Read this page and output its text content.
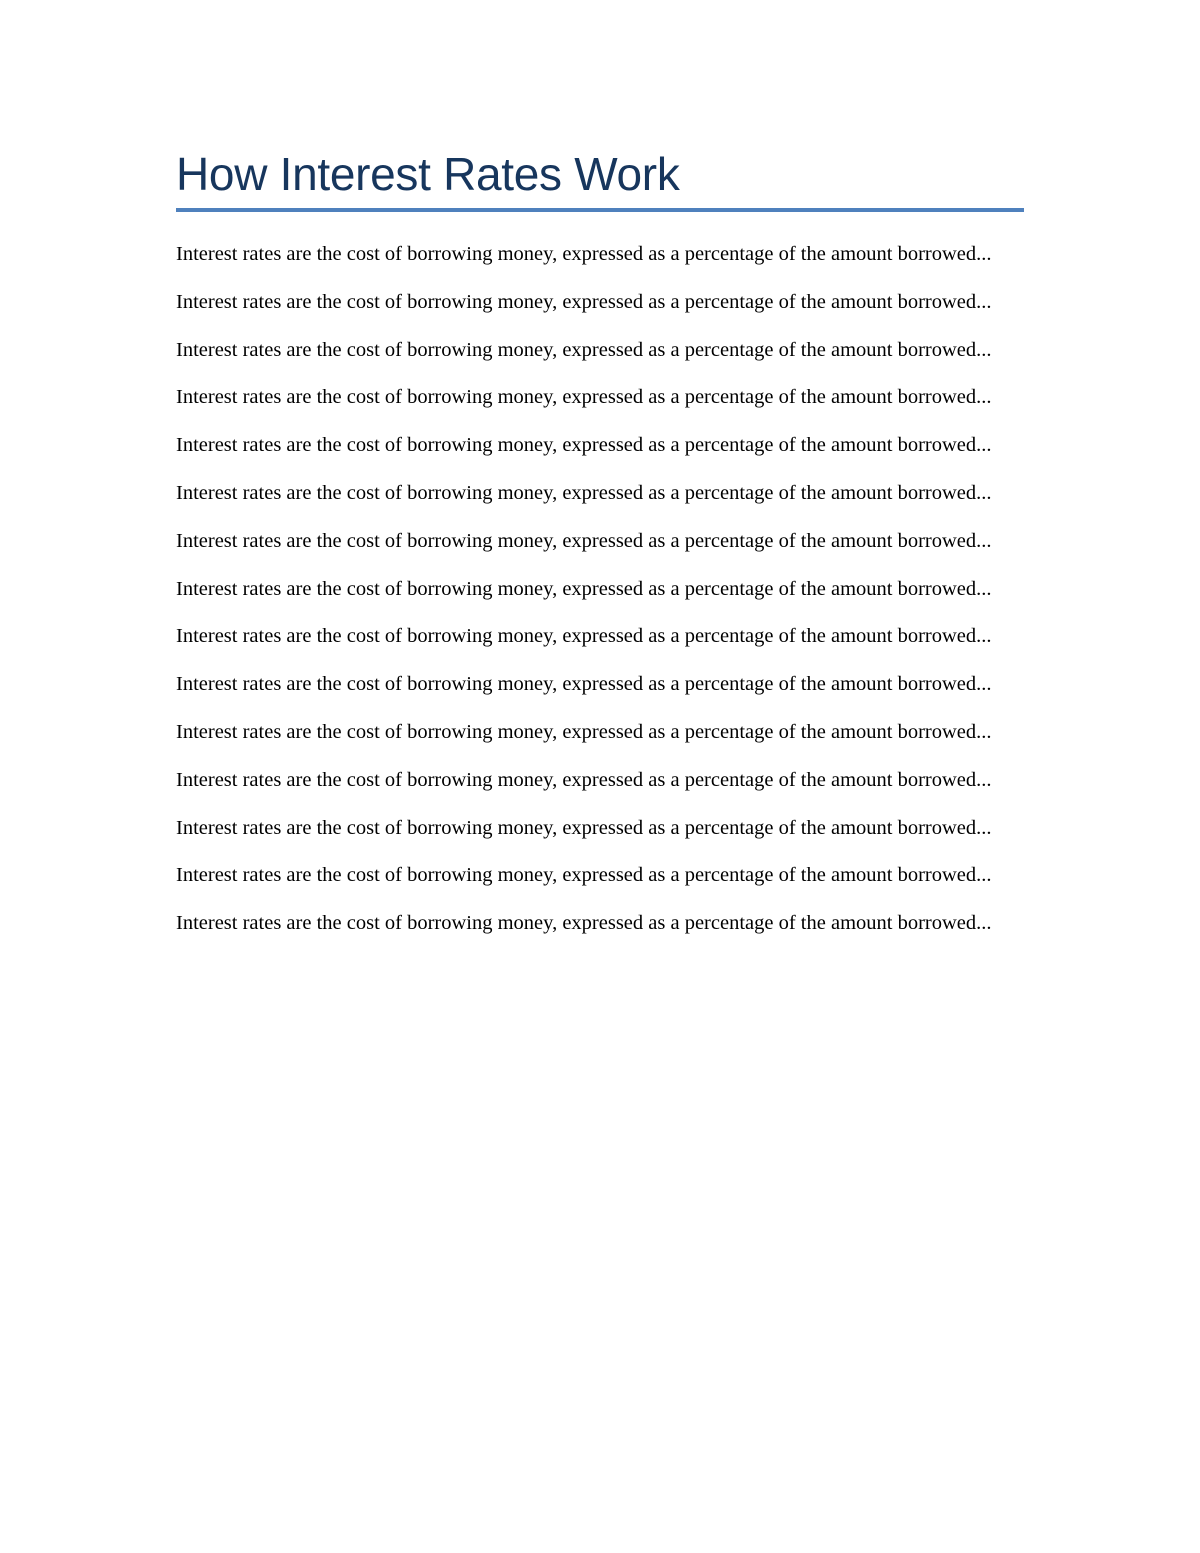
How Interest Rates Work

Interest rates are the cost of borrowing money, expressed as a percentage of the amount borrowed...

Interest rates are the cost of borrowing money, expressed as a percentage of the amount borrowed...

Interest rates are the cost of borrowing money, expressed as a percentage of the amount borrowed...

Interest rates are the cost of borrowing money, expressed as a percentage of the amount borrowed...

Interest rates are the cost of borrowing money, expressed as a percentage of the amount borrowed...

Interest rates are the cost of borrowing money, expressed as a percentage of the amount borrowed...

Interest rates are the cost of borrowing money, expressed as a percentage of the amount borrowed...

Interest rates are the cost of borrowing money, expressed as a percentage of the amount borrowed...

Interest rates are the cost of borrowing money, expressed as a percentage of the amount borrowed...

Interest rates are the cost of borrowing money, expressed as a percentage of the amount borrowed...

Interest rates are the cost of borrowing money, expressed as a percentage of the amount borrowed...

Interest rates are the cost of borrowing money, expressed as a percentage of the amount borrowed...

Interest rates are the cost of borrowing money, expressed as a percentage of the amount borrowed...

Interest rates are the cost of borrowing money, expressed as a percentage of the amount borrowed...

Interest rates are the cost of borrowing money, expressed as a percentage of the amount borrowed...
